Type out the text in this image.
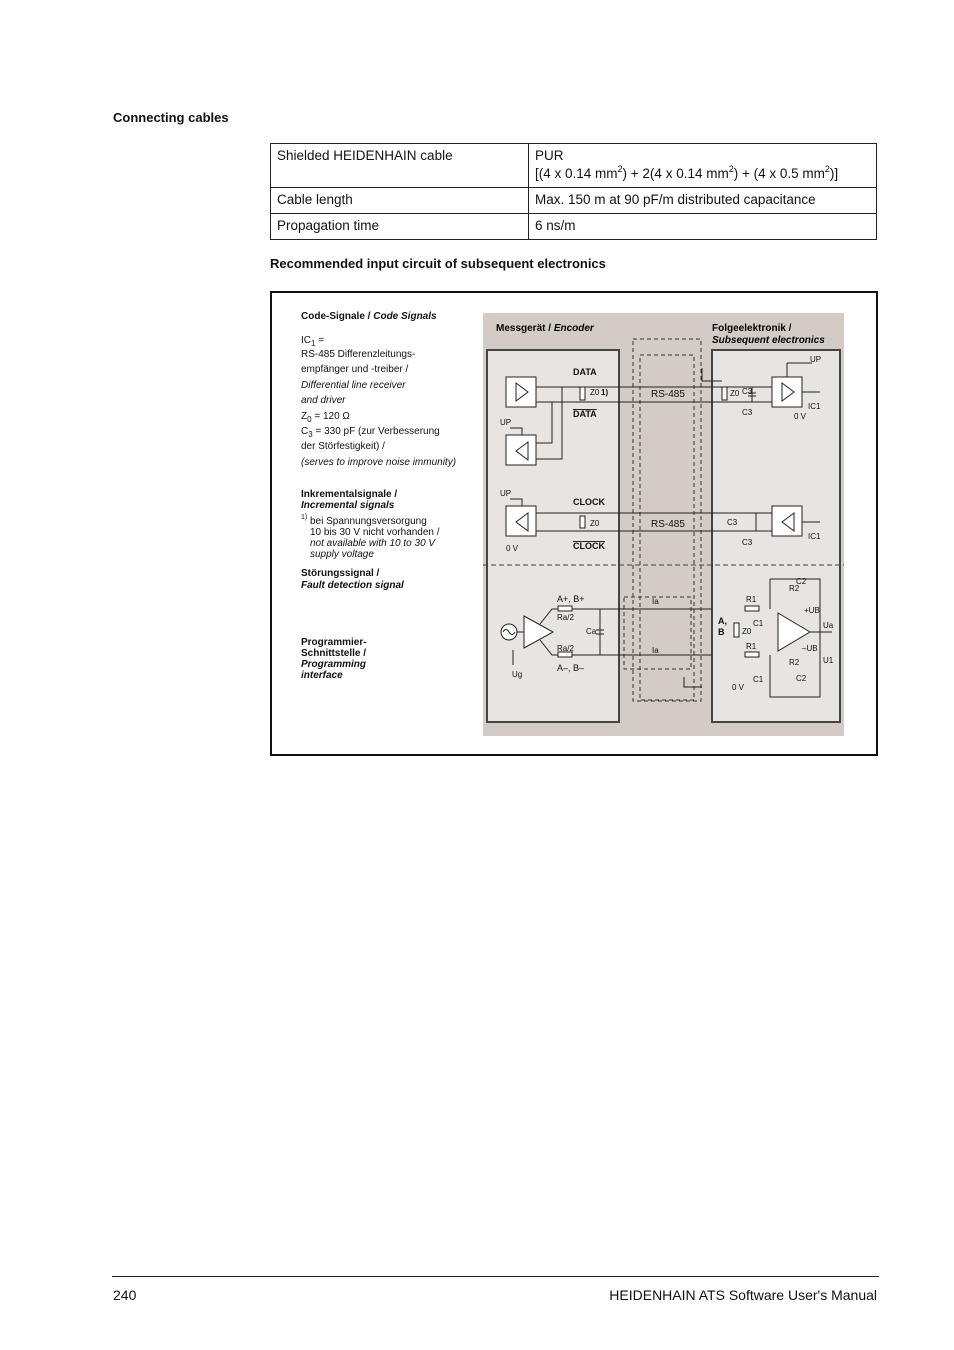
Connecting cables
Shielded HEIDENHAIN cable	PUR
[(4 x 0.14 $mm^2) + 2(4$ x 0.14 $mm^2) + (4$ x 0.5 $mm^2$)]

Cable length	Max. 150 m at 90 pF/m distributed capacitance
Propagation time	6 ns/m
Recommended input circuit of subsequent electronics
Code-Signale / Code Signals
$IC_1$ =
RS-485 Differenzleitungs-
empfänger und -treiber /
Differential line receiver
and driver
$Z_0 = 120$ Ω
$C_3 = 330$ pF (zur Verbesserung
der Störfestigkeit) /
(serves to improve noise immunity)
Inkrementalsignale /
Incremental signals
1) bei Spannungsversorgung
10 bis 30 V nicht vorhanden /
not available with 10 to 30 V
supply voltage
Störungssignal /
Fault detection signal
Programmier-
Schnittstelle /
Programming
interface
Messgerät / Encoder	Folgeelektronik /
Subsequent electronics
DATA
DATA
Z0 1)	RS-485	Z0 C3
C3
UP
0 V
IC1
UP
CLOCK
CLOCK
Z0	RS-485	C3
C3
UP
0 V
IC1
A+, B+
A–, B–
Ra/2
Ra/2
Ca
Ia
Ia
Ug
A,
B Z0
R1
R1
R2
R2
C2
C2
C1
C1
+UB
–UB
Ua
U1
0 V
240	HEIDENHAIN ATS Software User's Manual
